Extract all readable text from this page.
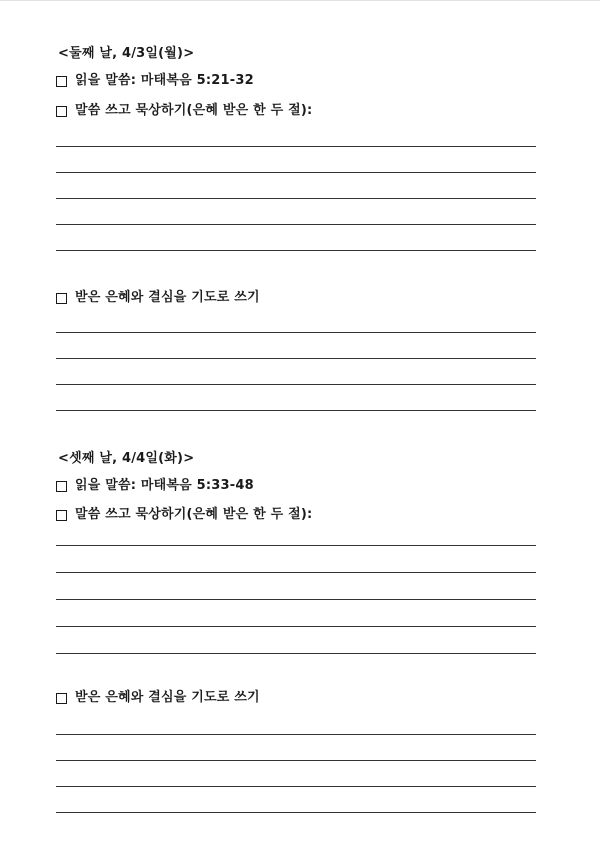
<둘째 날, 4/3일(월)>
읽을 말씀: 마태복음 5:21-32
말씀 쓰고 묵상하기(은혜 받은 한 두 절):
받은 은혜와 결심을 기도로 쓰기
<셋째 날, 4/4일(화)>
읽을 말씀: 마태복음 5:33-48
말씀 쓰고 묵상하기(은혜 받은 한 두 절):
받은 은혜와 결심을 기도로 쓰기
